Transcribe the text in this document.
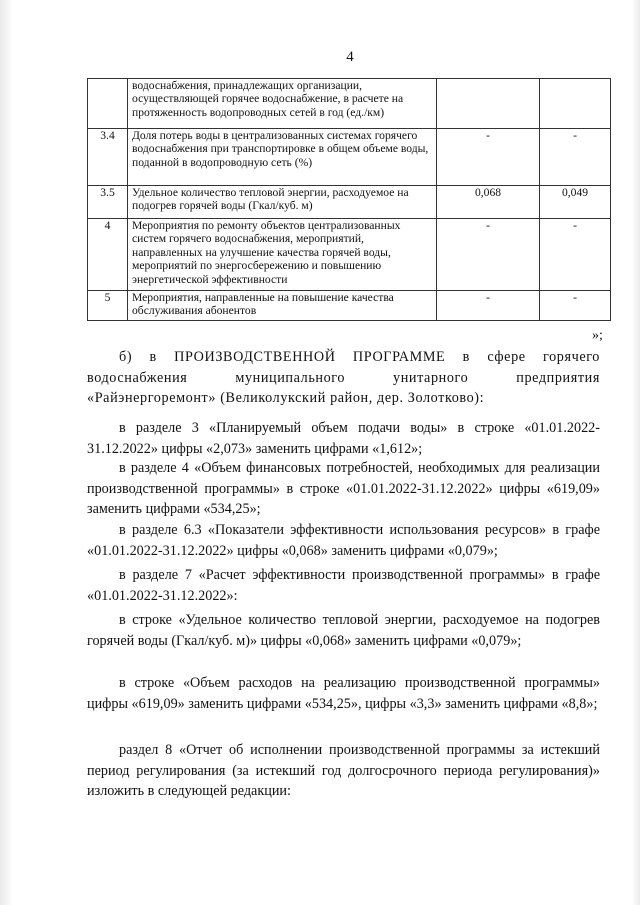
4
	водоснабжения, принадлежащих организации, осуществляющей горячее водоснабжение, в расчете на протяженность водопроводных сетей в год (ед./км)		
3.4	Доля потерь воды в централизованных системах горячего водоснабжения при транспортировке в общем объеме воды, поданной в водопроводную сеть (%)	-	-
3.5	Удельное количество тепловой энергии, расходуемое на подогрев горячей воды (Гкал/куб. м)	0,068	0,049
4	Мероприятия по ремонту объектов централизованных систем горячего водоснабжения, мероприятий, направленных на улучшение качества горячей воды, мероприятий по энергосбережению и повышению энергетической эффективности	-	-
5	Мероприятия, направленные на повышение качества обслуживания абонентов	-	-
»;
б) в ПРОИЗВОДСТВЕННОЙ ПРОГРАММЕ в сфере горячего водоснабжения муниципального унитарного предприятия «Райэнергоремонт» (Великолукский район, дер. Золотково):
в разделе 3 «Планируемый объем подачи воды» в строке «01.01.2022-31.12.2022» цифры «2,073» заменить цифрами «1,612»;
в разделе 4 «Объем финансовых потребностей, необходимых для реализации производственной программы» в строке «01.01.2022-31.12.2022» цифры «619,09» заменить цифрами «534,25»;
в разделе 6.3 «Показатели эффективности использования ресурсов» в графе «01.01.2022-31.12.2022» цифры «0,068» заменить цифрами «0,079»;
в разделе 7 «Расчет эффективности производственной программы» в графе «01.01.2022-31.12.2022»:
в строке «Удельное количество тепловой энергии, расходуемое на подогрев горячей воды (Гкал/куб. м)» цифры «0,068» заменить цифрами «0,079»;
в строке «Объем расходов на реализацию производственной программы» цифры «619,09» заменить цифрами «534,25», цифры «3,3» заменить цифрами «8,8»;
раздел 8 «Отчет об исполнении производственной программы за истекший период регулирования (за истекший год долгосрочного периода регулирования)» изложить в следующей редакции:
